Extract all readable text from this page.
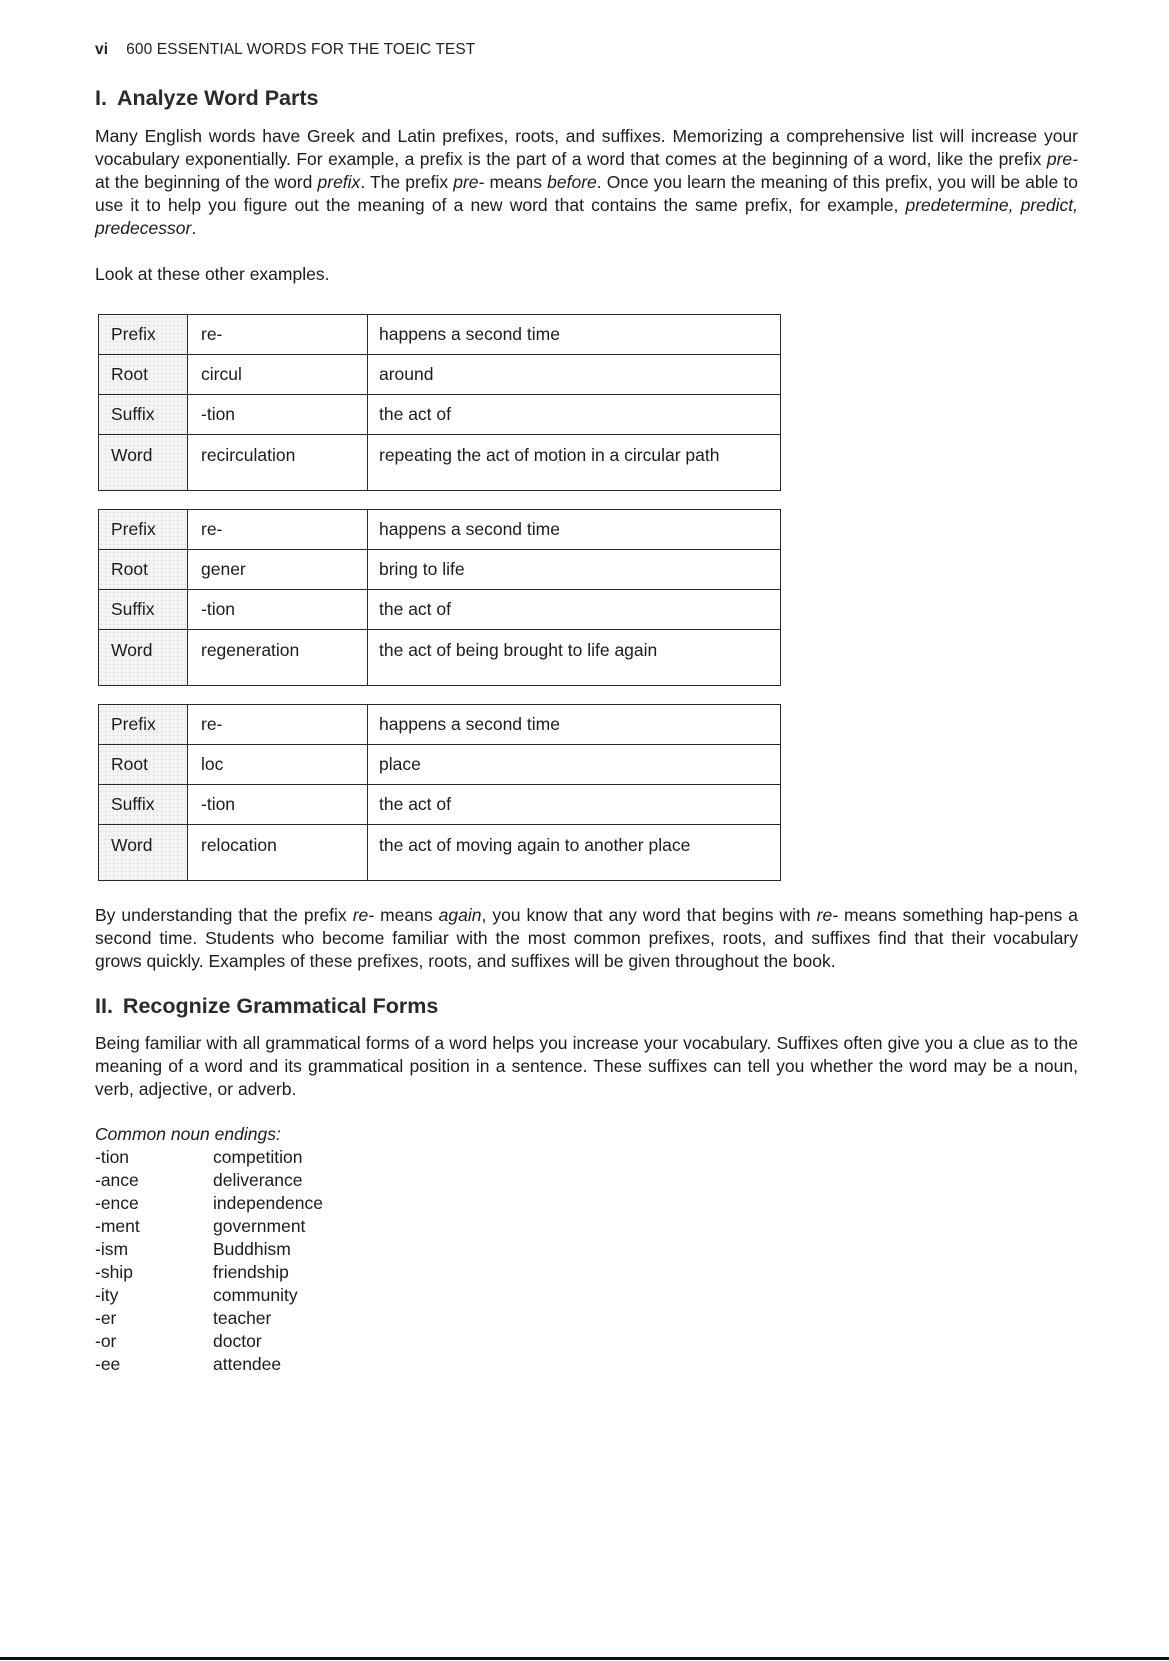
vi 600 ESSENTIAL WORDS FOR THE TOEIC TEST
I. Analyze Word Parts
Many English words have Greek and Latin prefixes, roots, and suffixes. Memorizing a comprehensive list will increase your vocabulary exponentially. For example, a prefix is the part of a word that comes at the beginning of a word, like the prefix pre- at the beginning of the word prefix. The prefix pre- means before. Once you learn the meaning of this prefix, you will be able to use it to help you figure out the meaning of a new word that contains the same prefix, for example, predetermine, predict, predecessor.
Look at these other examples.
Prefix	re-	happens a second time
Root	circul	around
Suffix	-tion	the act of
Word	recirculation	repeating the act of motion in a circular path
Prefix	re-	happens a second time
Root	gener	bring to life
Suffix	-tion	the act of
Word	regeneration	the act of being brought to life again
Prefix	re-	happens a second time
Root	loc	place
Suffix	-tion	the act of
Word	relocation	the act of moving again to another place
By understanding that the prefix re- means again, you know that any word that begins with re- means something hap-pens a second time. Students who become familiar with the most common prefixes, roots, and suffixes find that their vocabulary grows quickly. Examples of these prefixes, roots, and suffixes will be given throughout the book.
II. Recognize Grammatical Forms
Being familiar with all grammatical forms of a word helps you increase your vocabulary. Suffixes often give you a clue as to the meaning of a word and its grammatical position in a sentence. These suffixes can tell you whether the word may be a noun, verb, adjective, or adverb.
Common noun endings:
-tion	competition
-ance	deliverance
-ence	independence
-ment	government
-ism	Buddhism
-ship	friendship
-ity	community
-er	teacher
-or	doctor
-ee	attendee
